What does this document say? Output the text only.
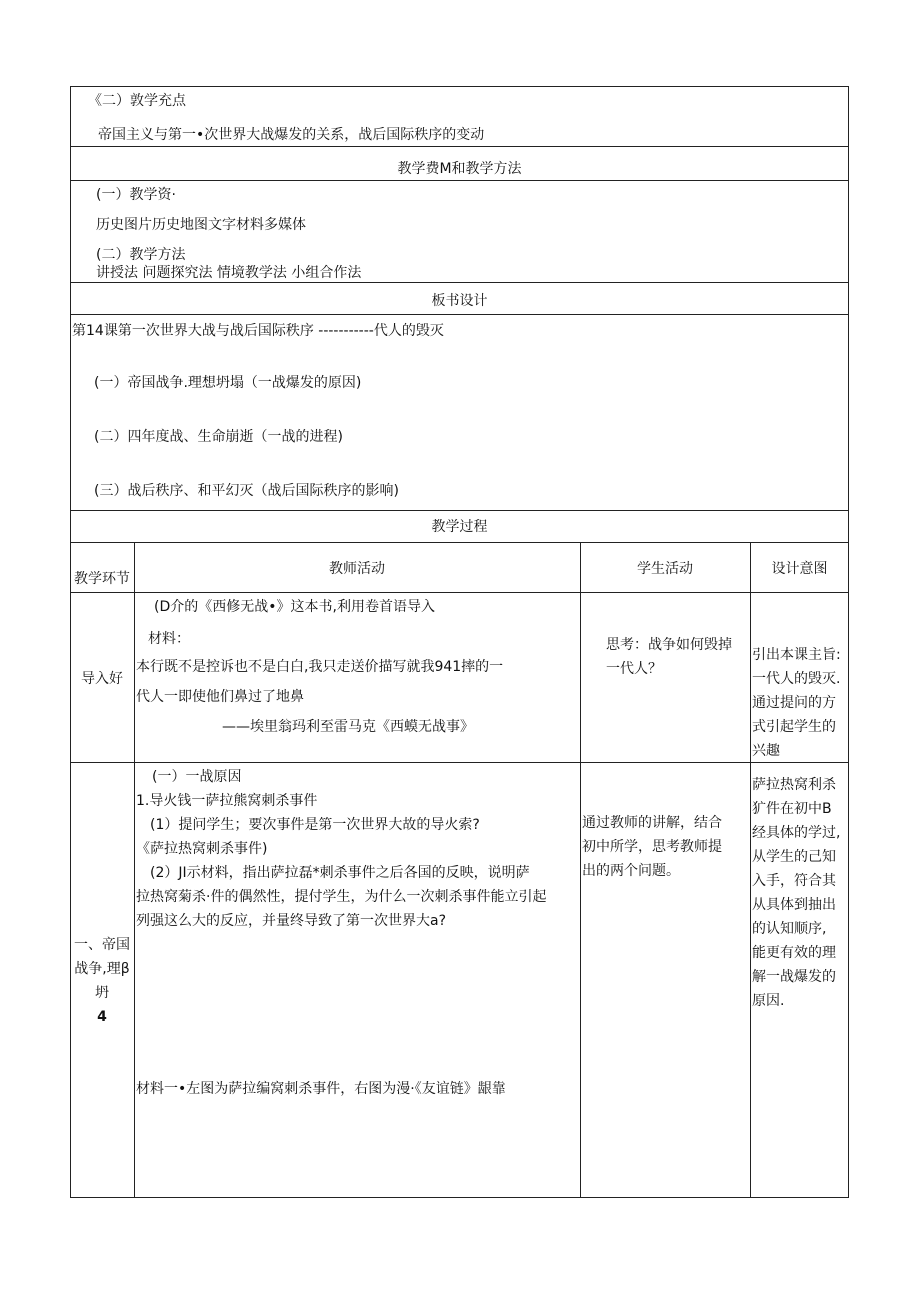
《二）敦学充点
帝国主义与第一•次世界大战爆发的关系，战后国际秩序的变动
教学费M和教学方法
(一）教学资·
历史图片历史地图文字材料多媒体
(二）教学方法
讲授法 问题探究法 情境教学法 小组合作法
板书设计
第14课第一次世界大战与战后国际秩序 -----------代人的毁灭
(一）帝国战争.理想坍塌（一战爆发的原因)
(二）四年度战、生命崩逝（一战的进程)
(三）战后秩序、和平幻灭（战后国际秩序的影响)
教学过程
教学环节
教师活动	学生活动	设计意图
导入好
(D介的《西修无战•》这本书,利用卷首语导入
材料：
本行既不是控诉也不是白白,我只走送价描写就我941摔的一
代人一即使他们鼻过了地鼻
——埃里翁玛利至雷马克《西蟆无战事》
思考：战争如何毁掉
一代人？
引出本课主旨:
一代人的毁灭.
通过提问的方
式引起学生的
兴趣
一、帝国
战争,理β
坍
4
(一）一战原因
1.导火钱一萨拉熊窝刺杀事件
(1）提问学生；要次事件是第一次世界大故的导火索?
《萨拉热窝刺杀事件)
(2）JI示材料，指出萨拉磊*刺杀事件之后各国的反映，说明萨
拉热窝菊杀·件的偶然性，提付学生，为什么一次刺杀事件能立引起
列强这么大的反应，并量终导致了第一次世界大a?
材料一•左图为萨拉编窝刺杀事件，右图为漫·《友谊链》龈靠
通过教师的讲解，结合
初中所学，思考教师提
出的两个问题。
萨拉热窝利杀
犷件在初中B
经具体的学过,
从学生的己知
入手，符合其
从具体到抽出
的认知顺序,
能更有效的理
解一战爆发的
原因.
